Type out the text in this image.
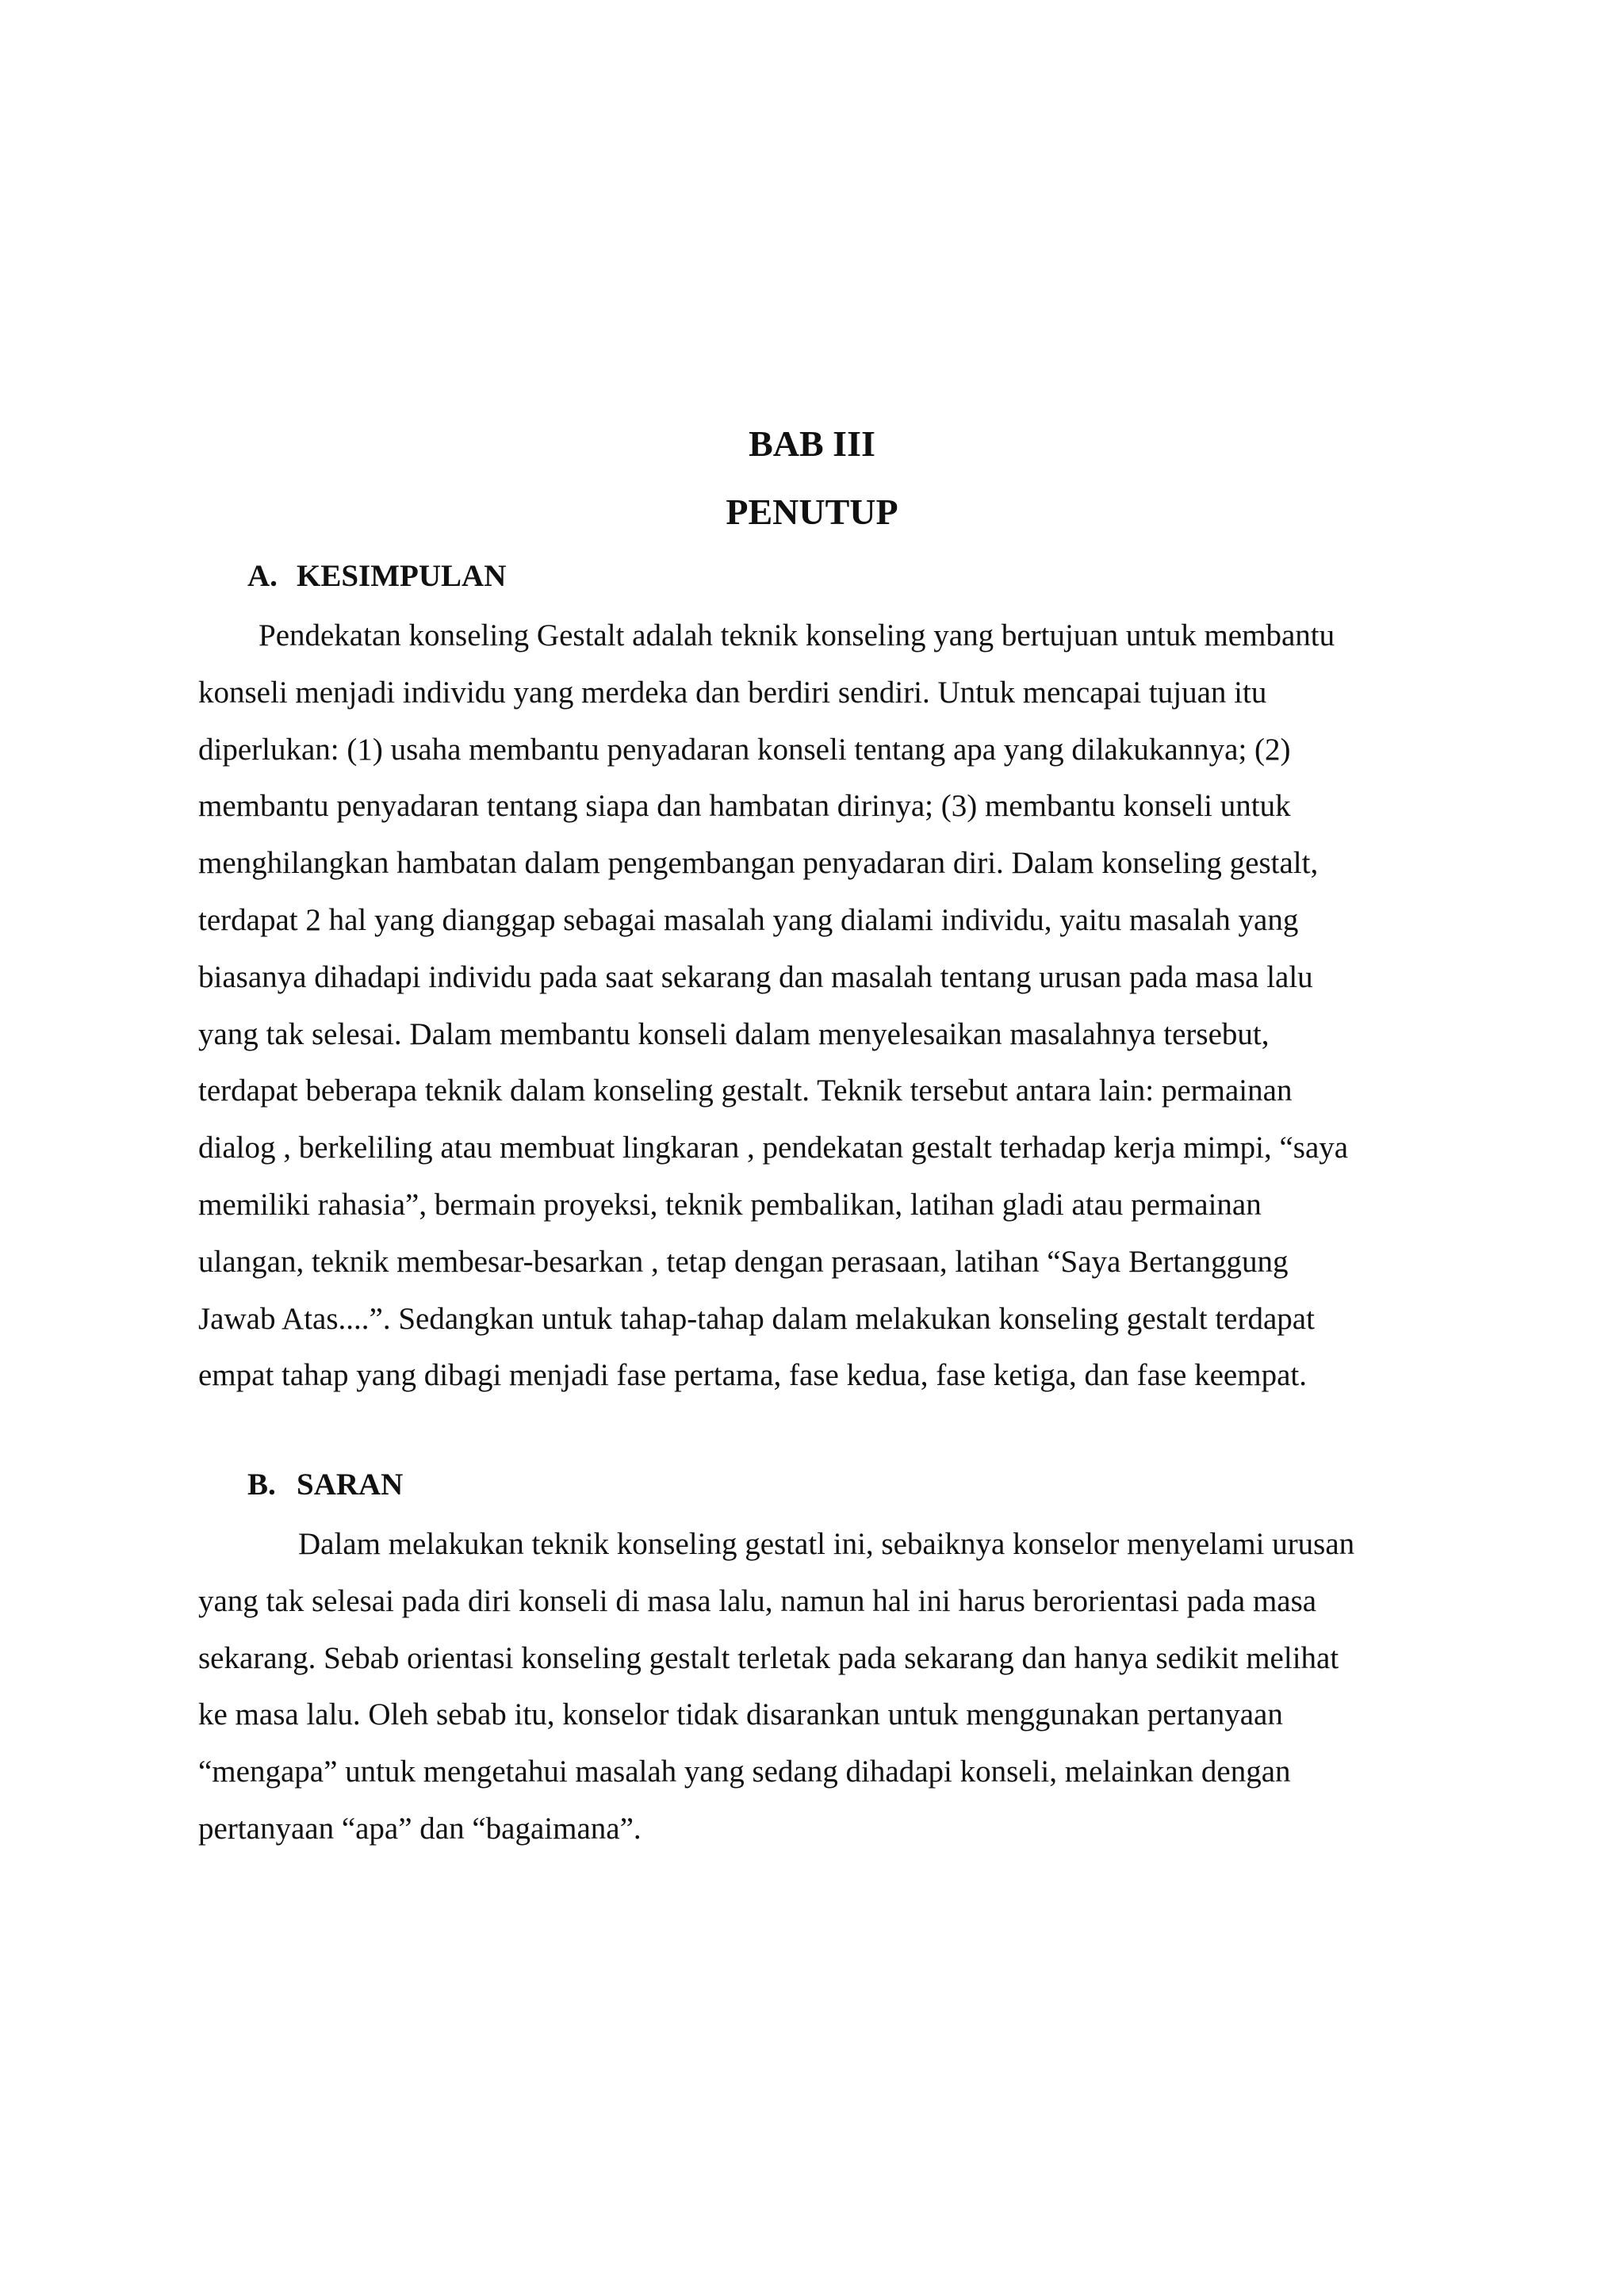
BAB III
PENUTUP
A. KESIMPULAN

Pendekatan konseling Gestalt adalah teknik konseling yang bertujuan untuk membantu
konseli menjadi individu yang merdeka dan berdiri sendiri. Untuk mencapai tujuan itu
diperlukan: (1) usaha membantu penyadaran konseli tentang apa yang dilakukannya; (2)
membantu penyadaran tentang siapa dan hambatan dirinya; (3) membantu konseli untuk
menghilangkan hambatan dalam pengembangan penyadaran diri. Dalam konseling gestalt,
terdapat 2 hal yang dianggap sebagai masalah yang dialami individu, yaitu masalah yang
biasanya dihadapi individu pada saat sekarang dan masalah tentang urusan pada masa lalu
yang tak selesai. Dalam membantu konseli dalam menyelesaikan masalahnya tersebut,
terdapat beberapa teknik dalam konseling gestalt. Teknik tersebut antara lain: permainan
dialog , berkeliling atau membuat lingkaran , pendekatan gestalt terhadap kerja mimpi, “saya
memiliki rahasia”, bermain proyeksi, teknik pembalikan, latihan gladi atau permainan
ulangan, teknik membesar-besarkan , tetap dengan perasaan, latihan “Saya Bertanggung
Jawab Atas....”. Sedangkan untuk tahap-tahap dalam melakukan konseling gestalt terdapat
empat tahap yang dibagi menjadi fase pertama, fase kedua, fase ketiga, dan fase keempat.

B. SARAN

Dalam melakukan teknik konseling gestatl ini, sebaiknya konselor menyelami urusan
yang tak selesai pada diri konseli di masa lalu, namun hal ini harus berorientasi pada masa
sekarang. Sebab orientasi konseling gestalt terletak pada sekarang dan hanya sedikit melihat
ke masa lalu. Oleh sebab itu, konselor tidak disarankan untuk menggunakan pertanyaan
“mengapa” untuk mengetahui masalah yang sedang dihadapi konseli, melainkan dengan
pertanyaan “apa” dan “bagaimana”.
